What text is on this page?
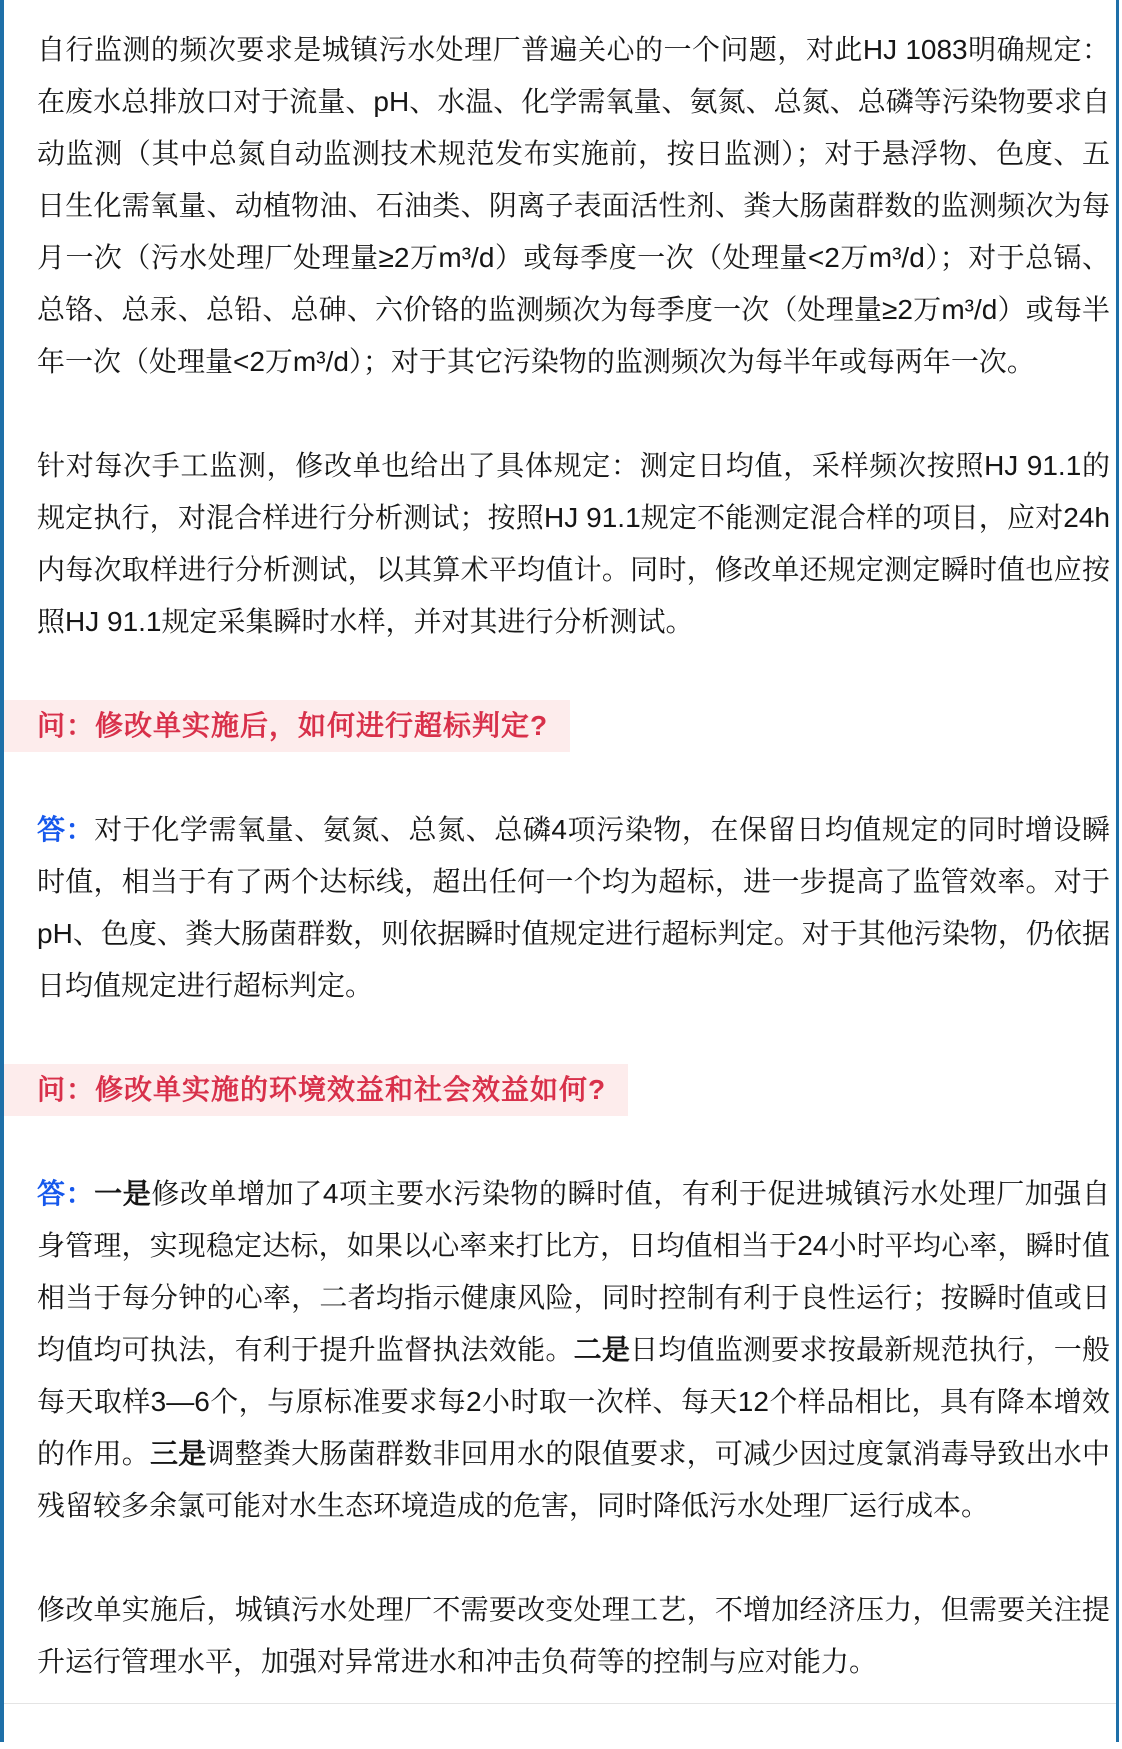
自行监测的频次要求是城镇污水处理厂普遍关心的一个问题，对此HJ 1083明确规定：在废水总排放口对于流量、pH、水温、化学需氧量、氨氮、总氮、总磷等污染物要求自动监测（其中总氮自动监测技术规范发布实施前，按日监测）；对于悬浮物、色度、五日生化需氧量、动植物油、石油类、阴离子表面活性剂、粪大肠菌群数的监测频次为每月一次（污水处理厂处理量≥2万m³/d）或每季度一次（处理量<2万m³/d）；对于总镉、总铬、总汞、总铅、总砷、六价铬的监测频次为每季度一次（处理量≥2万m³/d）或每半年一次（处理量<2万m³/d）；对于其它污染物的监测频次为每半年或每两年一次。

针对每次手工监测，修改单也给出了具体规定：测定日均值，采样频次按照HJ 91.1的规定执行，对混合样进行分析测试；按照HJ 91.1规定不能测定混合样的项目，应对24h内每次取样进行分析测试，以其算术平均值计。同时，修改单还规定测定瞬时值也应按照HJ 91.1规定采集瞬时水样，并对其进行分析测试。

问：修改单实施后，如何进行超标判定?

答：对于化学需氧量、氨氮、总氮、总磷4项污染物，在保留日均值规定的同时增设瞬时值，相当于有了两个达标线，超出任何一个均为超标，进一步提高了监管效率。对于pH、色度、粪大肠菌群数，则依据瞬时值规定进行超标判定。对于其他污染物，仍依据日均值规定进行超标判定。

问：修改单实施的环境效益和社会效益如何?

答：一是修改单增加了4项主要水污染物的瞬时值，有利于促进城镇污水处理厂加强自身管理，实现稳定达标，如果以心率来打比方，日均值相当于24小时平均心率，瞬时值相当于每分钟的心率，二者均指示健康风险，同时控制有利于良性运行；按瞬时值或日均值均可执法，有利于提升监督执法效能。二是日均值监测要求按最新规范执行，一般每天取样3—6个，与原标准要求每2小时取一次样、每天12个样品相比，具有降本增效的作用。三是调整粪大肠菌群数非回用水的限值要求，可减少因过度氯消毒导致出水中残留较多余氯可能对水生态环境造成的危害，同时降低污水处理厂运行成本。

修改单实施后，城镇污水处理厂不需要改变处理工艺，不增加经济压力，但需要关注提升运行管理水平，加强对异常进水和冲击负荷等的控制与应对能力。
